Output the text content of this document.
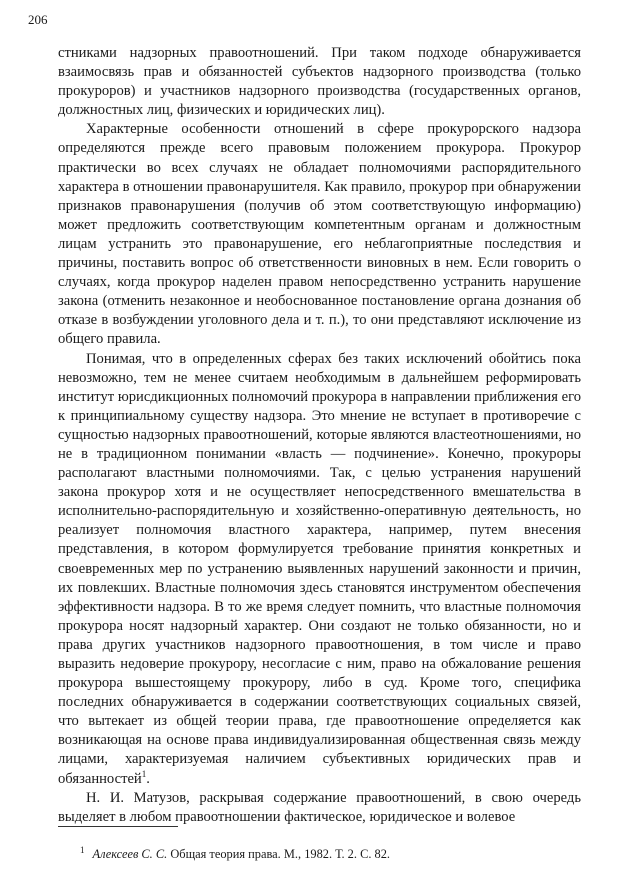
206

стниками надзорных правоотношений. При таком подходе обнаруживается взаимосвязь прав и обязанностей субъектов надзорного производства (только прокуроров) и участников надзорного производства (государственных органов, должностных лиц, физических и юридических лиц).

Характерные особенности отношений в сфере прокурорского надзора определяются прежде всего правовым положением прокурора. Прокурор практически во всех случаях не обладает полномочиями распорядительного характера в отношении правонарушителя. Как правило, прокурор при обнаружении признаков правонарушения (получив об этом соответствующую информацию) может предложить соответствующим компетентным органам и должностным лицам устранить это правонарушение, его неблагоприятные последствия и причины, поставить вопрос об ответственности виновных в нем. Если говорить о случаях, когда прокурор наделен правом непосредственно устранить нарушение закона (отменить незаконное и необоснованное постановление органа дознания об отказе в возбуждении уголовного дела и т. п.), то они представляют исключение из общего правила.

Понимая, что в определенных сферах без таких исключений обойтись пока невозможно, тем не менее считаем необходимым в дальнейшем реформировать институт юрисдикционных полномочий прокурора в направлении приближения его к принципиальному существу надзора. Это мнение не вступает в противоречие с сущностью надзорных правоотношений, которые являются властеотношениями, но не в традиционном понимании «власть — подчинение». Конечно, прокуроры располагают властными полномочиями. Так, с целью устранения нарушений закона прокурор хотя и не осуществляет непосредственного вмешательства в исполнительно-распорядительную и хозяйственно-оперативную деятельность, но реализует полномочия властного характера, например, путем внесения представления, в котором формулируется требование принятия конкретных и своевременных мер по устранению выявленных нарушений законности и причин, их повлекших. Властные полномочия здесь становятся инструментом обеспечения эффективности надзора. В то же время следует помнить, что властные полномочия прокурора носят надзорный характер. Они создают не только обязанности, но и права других участников надзорного правоотношения, в том числе и право выразить недоверие прокурору, несогласие с ним, право на обжалование решения прокурора вышестоящему прокурору, либо в суд. Кроме того, специфика последних обнаруживается в содержании соответствующих социальных связей, что вытекает из общей теории права, где правоотношение определяется как возникающая на основе права индивидуализированная общественная связь между лицами, характеризуемая наличием субъективных юридических прав и обязанностей$^1$.

Н. И. Матузов, раскрывая содержание правоотношений, в свою очередь выделяет в любом правоотношении фактическое, юридическое и волевое

$^1$ Алексеев С. С. Общая теория права. М., 1982. Т. 2. С. 82.
